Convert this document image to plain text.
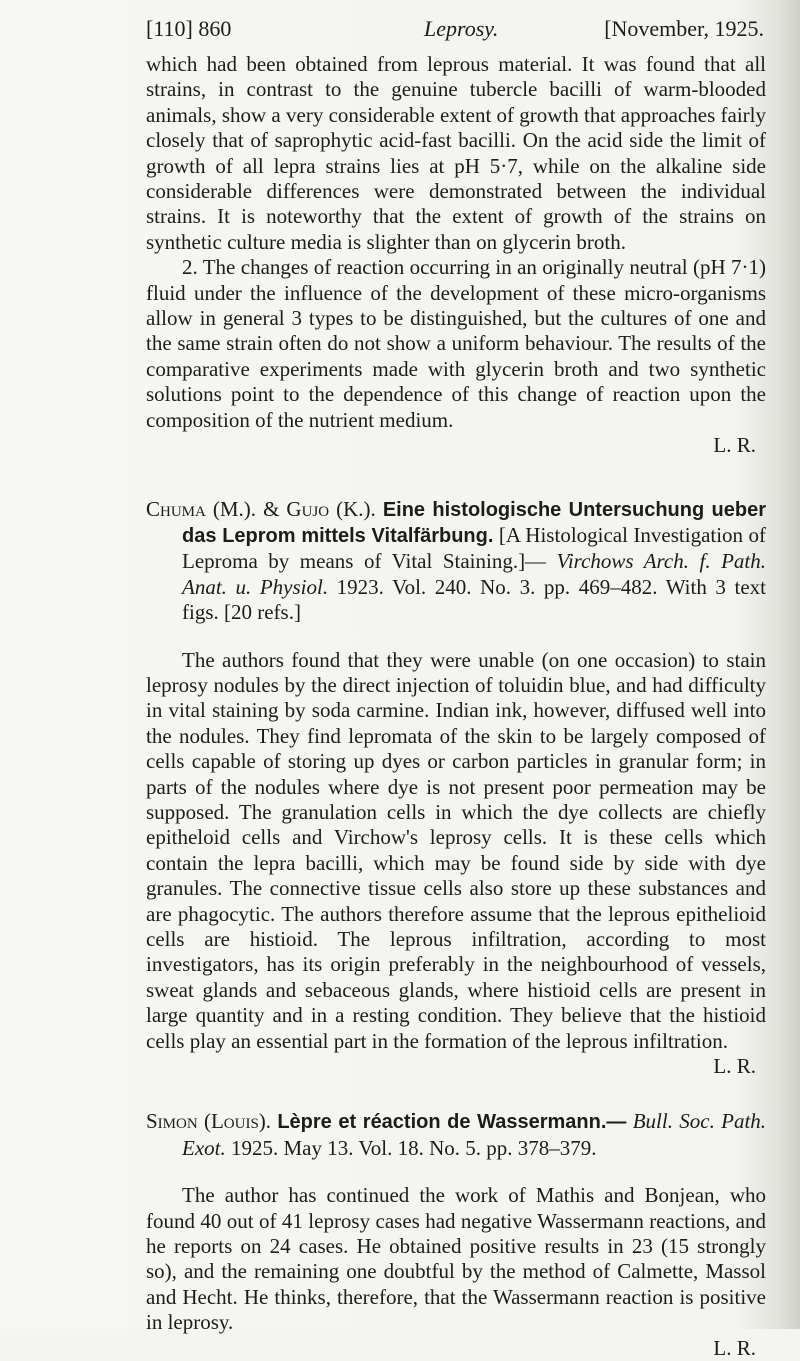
[110] 860	Leprosy.	[November, 1925.

which had been obtained from leprous material. It was found that all strains, in contrast to the genuine tubercle bacilli of warm-blooded animals, show a very considerable extent of growth that approaches fairly closely that of saprophytic acid-fast bacilli. On the acid side the limit of growth of all lepra strains lies at pH 5·7, while on the alkaline side considerable differences were demonstrated between the individual strains. It is noteworthy that the extent of growth of the strains on synthetic culture media is slighter than on glycerin broth.

2. The changes of reaction occurring in an originally neutral (pH 7·1) fluid under the influence of the development of these micro-organisms allow in general 3 types to be distinguished, but the cultures of one and the same strain often do not show a uniform behaviour. The results of the comparative experiments made with glycerin broth and two synthetic solutions point to the dependence of this change of reaction upon the composition of the nutrient medium.

L. R.

Chuma (M.). & Gujo (K.). Eine histologische Untersuchung ueber das Leprom mittels Vitalfärbung. [A Histological Investigation of Leproma by means of Vital Staining.]— Virchows Arch. f. Path. Anat. u. Physiol. 1923. Vol. 240. No. 3. pp. 469–482. With 3 text figs. [20 refs.]

The authors found that they were unable (on one occasion) to stain leprosy nodules by the direct injection of toluidin blue, and had difficulty in vital staining by soda carmine. Indian ink, however, diffused well into the nodules. They find lepromata of the skin to be largely composed of cells capable of storing up dyes or carbon particles in granular form; in parts of the nodules where dye is not present poor permeation may be supposed. The granulation cells in which the dye collects are chiefly epitheloid cells and Virchow's leprosy cells. It is these cells which contain the lepra bacilli, which may be found side by side with dye granules. The connective tissue cells also store up these substances and are phagocytic. The authors therefore assume that the leprous epithelioid cells are histioid. The leprous infiltration, according to most investigators, has its origin preferably in the neighbourhood of vessels, sweat glands and sebaceous glands, where histioid cells are present in large quantity and in a resting condition. They believe that the histioid cells play an essential part in the formation of the leprous infiltration.

L. R.

Simon (Louis). Lèpre et réaction de Wassermann.— Bull. Soc. Path. Exot. 1925. May 13. Vol. 18. No. 5. pp. 378–379.

The author has continued the work of Mathis and Bonjean, who found 40 out of 41 leprosy cases had negative Wassermann reactions, and he reports on 24 cases. He obtained positive results in 23 (15 strongly so), and the remaining one doubtful by the method of Calmette, Massol and Hecht. He thinks, therefore, that the Wassermann reaction is positive in leprosy.

L. R.
